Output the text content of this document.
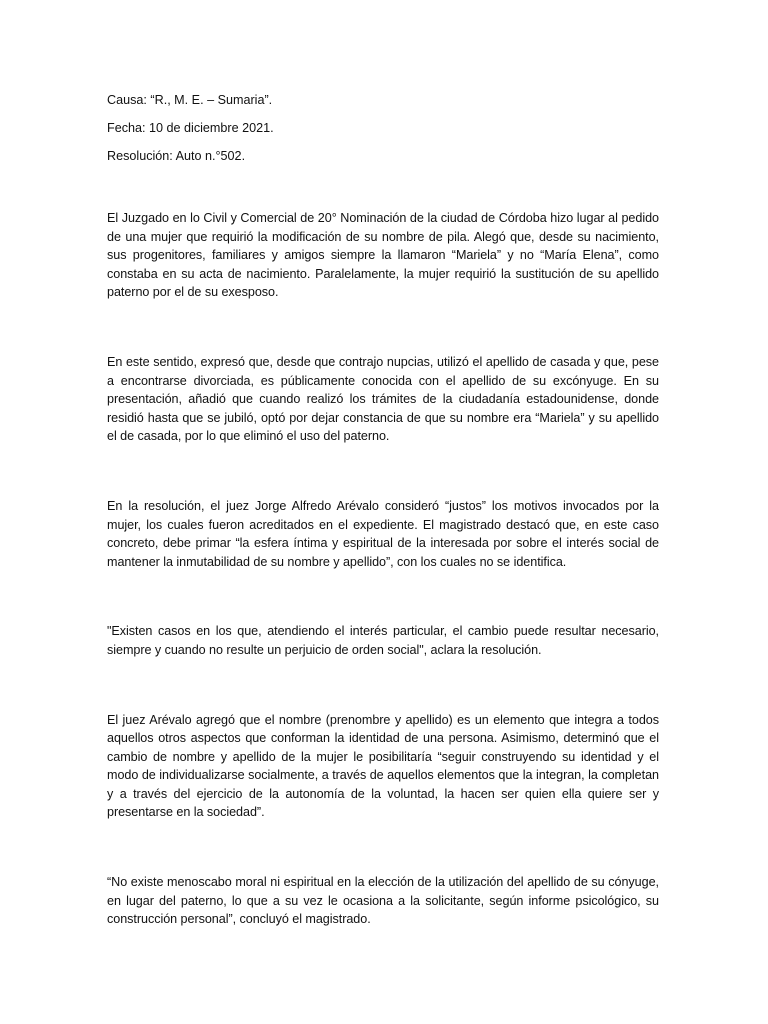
Causa: “R., M. E. – Sumaria”.

Fecha: 10 de diciembre 2021.

Resolución: Auto n.°502.

El Juzgado en lo Civil y Comercial de 20° Nominación de la ciudad de Córdoba hizo lugar al pedido de una mujer que requirió la modificación de su nombre de pila. Alegó que, desde su nacimiento, sus progenitores, familiares y amigos siempre la llamaron “Mariela” y no “María Elena”, como constaba en su acta de nacimiento. Paralelamente, la mujer requirió la sustitución de su apellido paterno por el de su exesposo.

En este sentido, expresó que, desde que contrajo nupcias, utilizó el apellido de casada y que, pese a encontrarse divorciada, es públicamente conocida con el apellido de su excónyuge. En su presentación, añadió que cuando realizó los trámites de la ciudadanía estadounidense, donde residió hasta que se jubiló, optó por dejar constancia de que su nombre era “Mariela” y su apellido el de casada, por lo que eliminó el uso del paterno.

En la resolución, el juez Jorge Alfredo Arévalo consideró “justos” los motivos invocados por la mujer, los cuales fueron acreditados en el expediente. El magistrado destacó que, en este caso concreto, debe primar “la esfera íntima y espiritual de la interesada por sobre el interés social de mantener la inmutabilidad de su nombre y apellido”, con los cuales no se identifica.

"Existen casos en los que, atendiendo el interés particular, el cambio puede resultar necesario, siempre y cuando no resulte un perjuicio de orden social", aclara la resolución.

El juez Arévalo agregó que el nombre (prenombre y apellido) es un elemento que integra a todos aquellos otros aspectos que conforman la identidad de una persona. Asimismo, determinó que el cambio de nombre y apellido de la mujer le posibilitaría “seguir construyendo su identidad y el modo de individualizarse socialmente, a través de aquellos elementos que la integran, la completan y a través del ejercicio de la autonomía de la voluntad, la hacen ser quien ella quiere ser y presentarse en la sociedad”.

“No existe menoscabo moral ni espiritual en la elección de la utilización del apellido de su cónyuge, en lugar del paterno, lo que a su vez le ocasiona a la solicitante, según informe psicológico, su construcción personal”, concluyó el magistrado.
